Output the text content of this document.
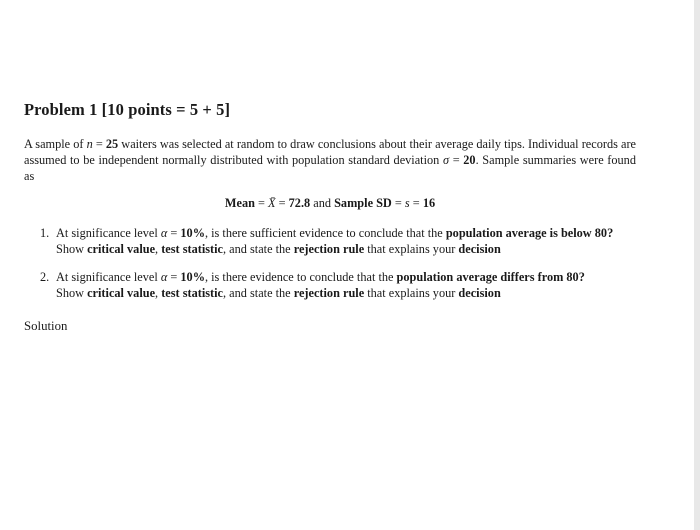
Problem 1 [10 points = 5 + 5]

A sample of n = 25 waiters was selected at random to draw conclusions about their average daily tips. Individual records are assumed to be independent normally distributed with population standard deviation σ = 20. Sample summaries were found as

Mean = X̄ = 72.8 and Sample SD = s = 16
1. At significance level α = 10%, is there sufficient evidence to conclude that the population average is below 80?
Show critical value, test statistic, and state the rejection rule that explains your decision
2. At significance level α = 10%, is there evidence to conclude that the population average differs from 80?
Show critical value, test statistic, and state the rejection rule that explains your decision
Solution
